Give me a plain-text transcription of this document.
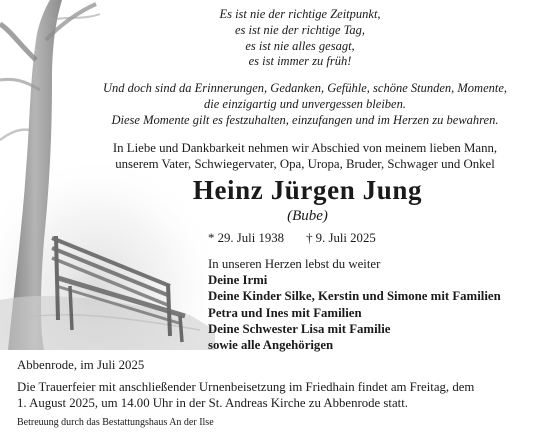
Es ist nie der richtige Zeitpunkt,
es ist nie der richtige Tag,
es ist nie alles gesagt,
es ist immer zu früh!
Und doch sind da Erinnerungen, Gedanken, Gefühle, schöne Stunden, Momente,
die einzigartig und unvergessen bleiben.
Diese Momente gilt es festzuhalten, einzufangen und im Herzen zu bewahren.
In Liebe und Dankbarkeit nehmen wir Abschied von meinem lieben Mann,
unserem Vater, Schwiegervater, Opa, Uropa, Bruder, Schwager und Onkel
Heinz Jürgen Jung
(Bube)
* 29. Juli 1938 † 9. Juli 2025
In unseren Herzen lebst du weiter
Deine Irmi
Deine Kinder Silke, Kerstin und Simone mit Familien
Petra und Ines mit Familien
Deine Schwester Lisa mit Familie
sowie alle Angehörigen
Abbenrode, im Juli 2025
Die Trauerfeier mit anschließender Urnenbeisetzung im Friedhain findet am Freitag, dem
1. August 2025, um 14.00 Uhr in der St. Andreas Kirche zu Abbenrode statt.
Betreuung durch das Bestattungshaus An der Ilse
